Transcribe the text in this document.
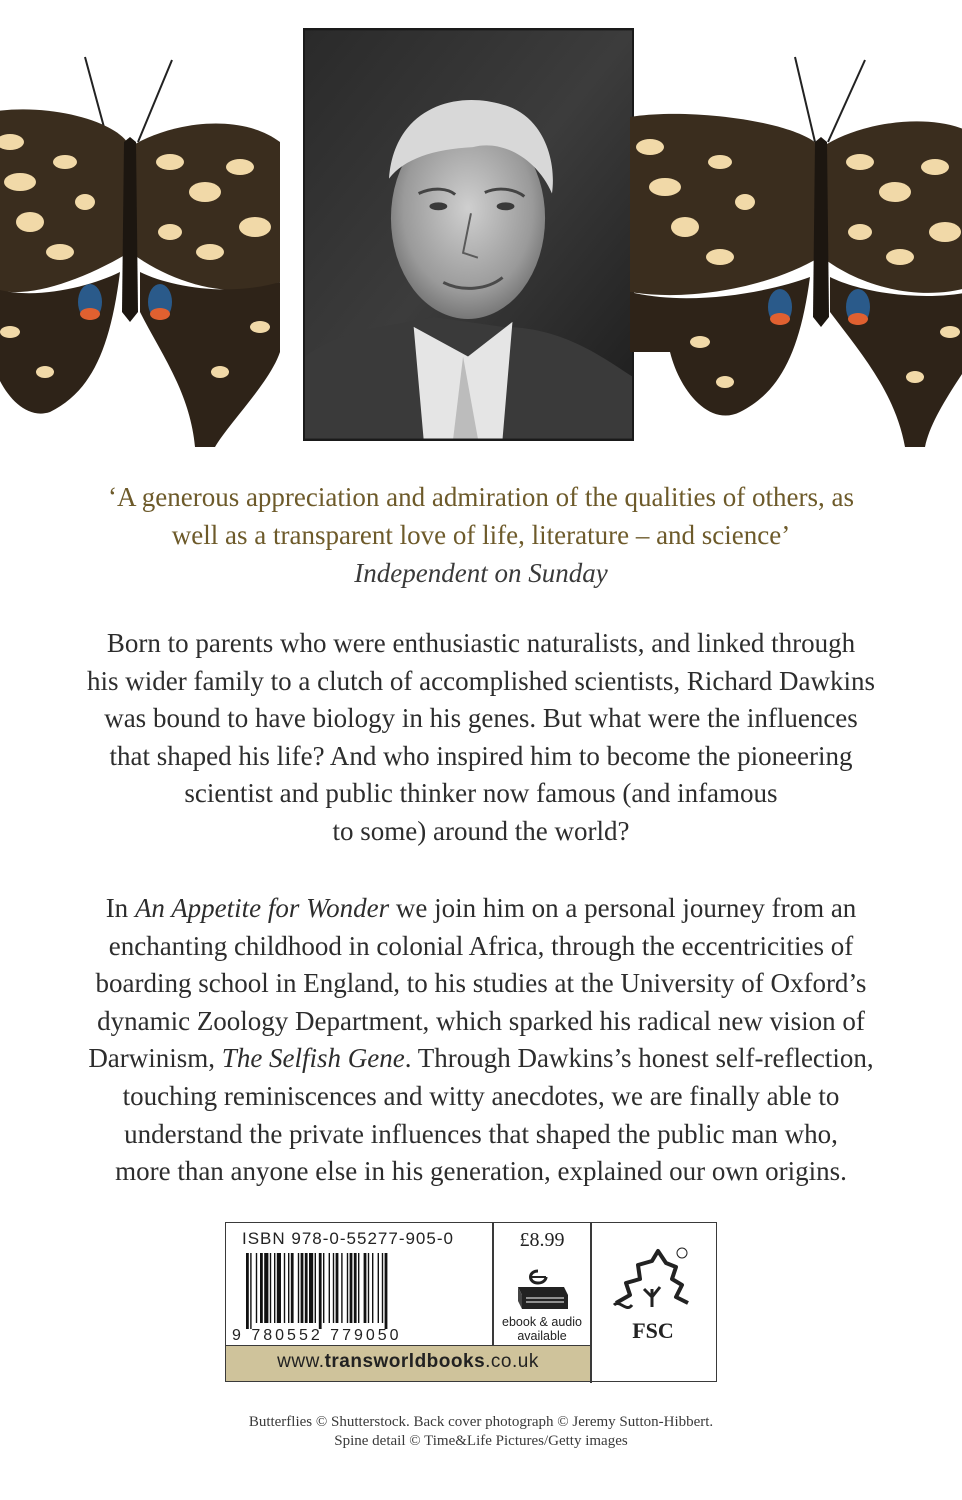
‘A generous appreciation and admiration of the qualities of others, as
well as a transparent love of life, literature – and science’
Independent on Sunday
Born to parents who were enthusiastic naturalists, and linked through
his wider family to a clutch of accomplished scientists, Richard Dawkins
was bound to have biology in his genes. But what were the influences
that shaped his life? And who inspired him to become the pioneering
scientist and public thinker now famous (and infamous
to some) around the world?
In An Appetite for Wonder we join him on a personal journey from an
enchanting childhood in colonial Africa, through the eccentricities of
boarding school in England, to his studies at the University of Oxford’s
dynamic Zoology Department, which sparked his radical new vision of
Darwinism, The Selfish Gene. Through Dawkins’s honest self-reflection,
touching reminiscences and witty anecdotes, we are finally able to
understand the private influences that shaped the public man who,
more than anyone else in his generation, explained our own origins.
ISBN 978-0-55277-905-0
9 780552 779050
£8.99
ebook & audio
available	FSC
www.transworldbooks.co.uk
Butterflies © Shutterstock. Back cover photograph © Jeremy Sutton-Hibbert.
Spine detail © Time&Life Pictures/Getty images
